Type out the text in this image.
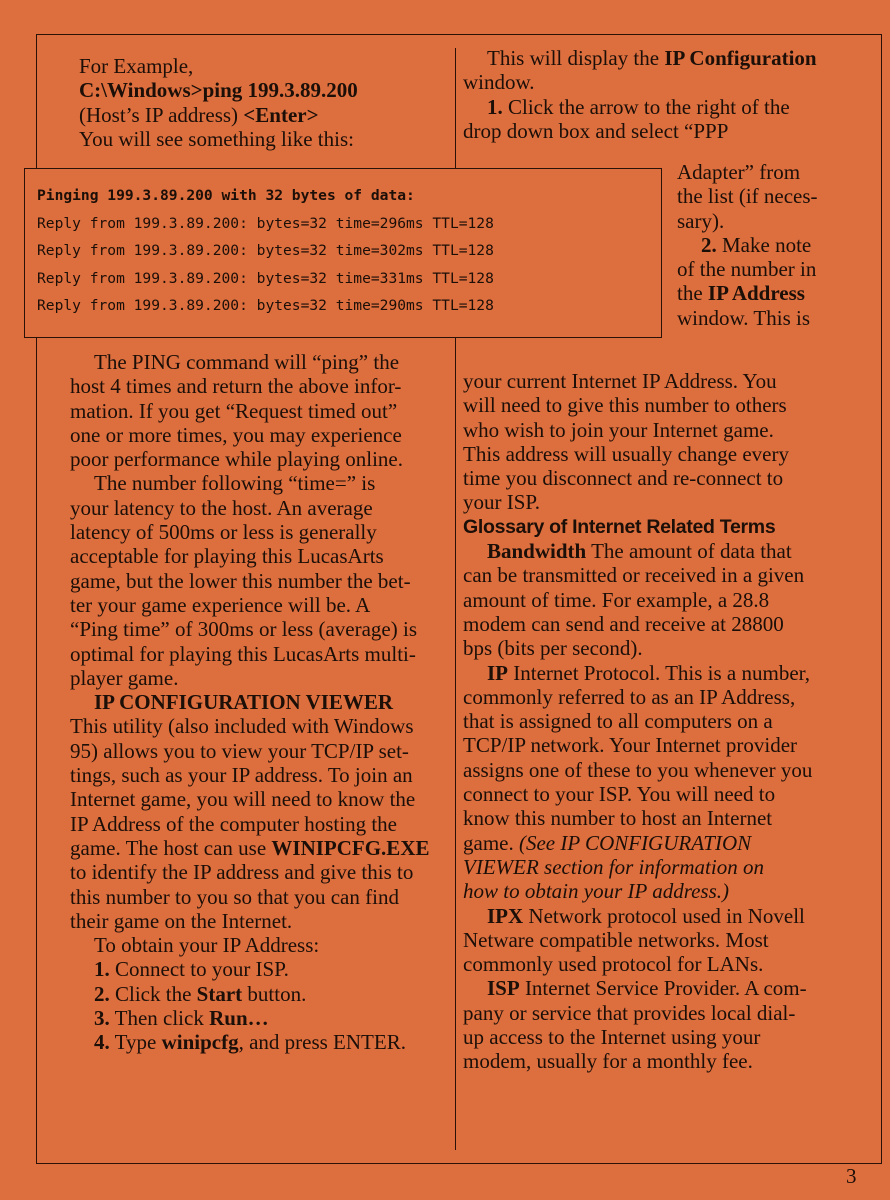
Pinging 199.3.89.200 with 32 bytes of data:
Reply from 199.3.89.200: bytes=32 time=296ms TTL=128
Reply from 199.3.89.200: bytes=32 time=302ms TTL=128
Reply from 199.3.89.200: bytes=32 time=331ms TTL=128
Reply from 199.3.89.200: bytes=32 time=290ms TTL=128

For Example,

C:\Windows>ping 199.3.89.200

(Host’s IP address) <Enter>

You will see something like this:

The PING command will “ping” the

host 4 times and return the above infor-

mation. If you get “Request timed out”

one or more times, you may experience

poor performance while playing online.

The number following “time=” is

your latency to the host. An average

latency of 500ms or less is generally

acceptable for playing this LucasArts

game, but the lower this number the bet-

ter your game experience will be. A

“Ping time” of 300ms or less (average) is

optimal for playing this LucasArts multi-

player game.

IP CONFIGURATION VIEWER

This utility (also included with Windows

95) allows you to view your TCP/IP set-

tings, such as your IP address. To join an

Internet game, you will need to know the

IP Address of the computer hosting the

game. The host can use WINIPCFG.EXE

to identify the IP address and give this to

this number to you so that you can find

their game on the Internet.

To obtain your IP Address:

1. Connect to your ISP.

2. Click the Start button.

3. Then click Run…

4. Type winipcfg, and press ENTER.

This will display the IP Configuration

window.

1. Click the arrow to the right of the

drop down box and select “PPP

Adapter” from

the list (if neces-

sary).

2. Make note

of the number in

the IP Address

window. This is

your current Internet IP Address. You

will need to give this number to others

who wish to join your Internet game.

This address will usually change every

time you disconnect and re-connect to

your ISP.

Glossary of Internet Related Terms

Bandwidth The amount of data that

can be transmitted or received in a given

amount of time. For example, a 28.8

modem can send and receive at 28800

bps (bits per second).

IP Internet Protocol. This is a number,

commonly referred to as an IP Address,

that is assigned to all computers on a

TCP/IP network. Your Internet provider

assigns one of these to you whenever you

connect to your ISP. You will need to

know this number to host an Internet

game. (See IP CONFIGURATION

VIEWER section for information on

how to obtain your IP address.)

IPX Network protocol used in Novell

Netware compatible networks. Most

commonly used protocol for LANs.

ISP Internet Service Provider. A com-

pany or service that provides local dial-

up access to the Internet using your

modem, usually for a monthly fee.

3
